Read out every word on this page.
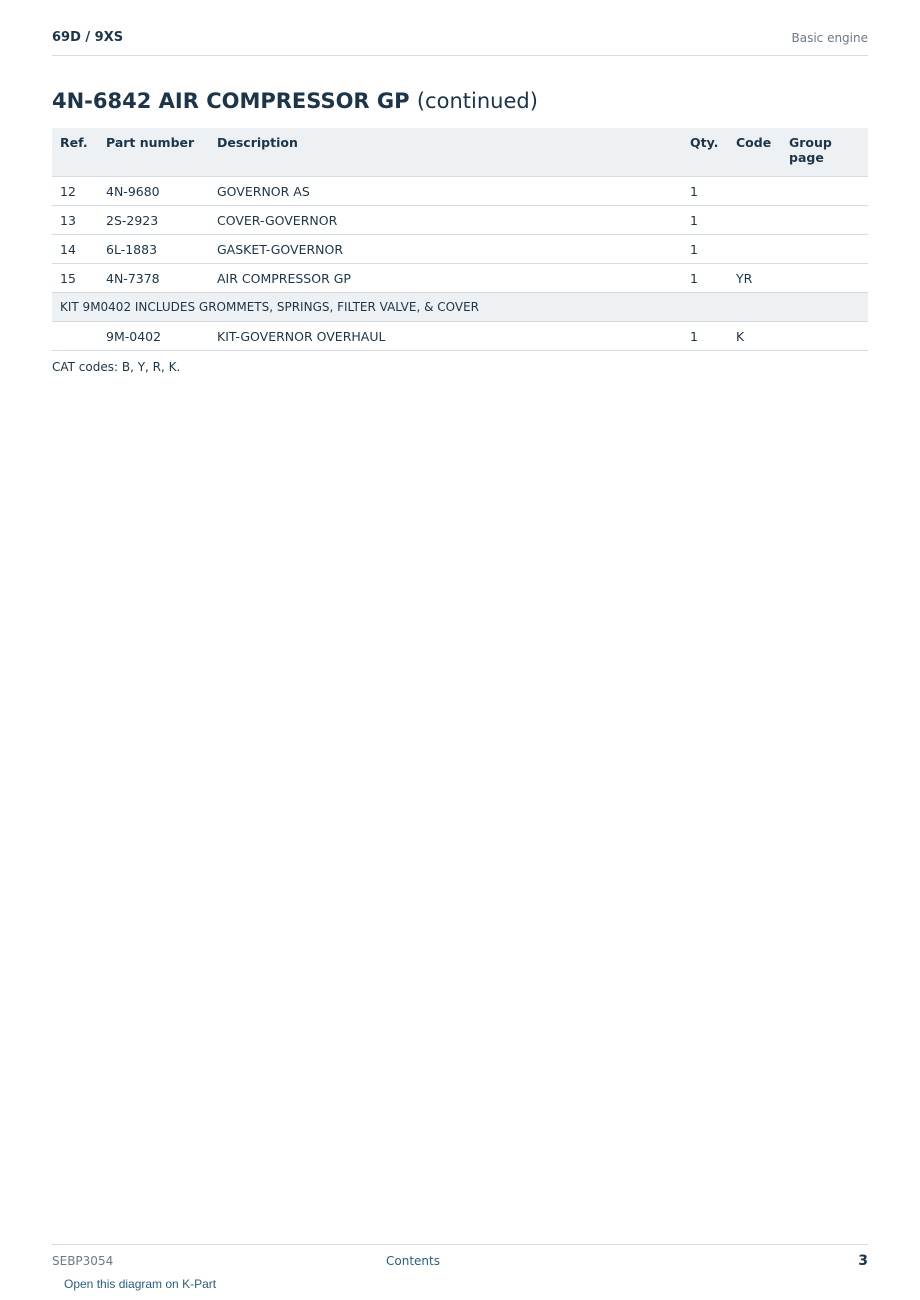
69D / 9XS	Basic engine
4N-6842 AIR COMPRESSOR GP (continued)
Ref.	Part number	Description	Qty.	Code	Group page
12	4N-9680	GOVERNOR AS	1		
13	2S-2923	COVER-GOVERNOR	1		
14	6L-1883	GASKET-GOVERNOR	1		
15	4N-7378	AIR COMPRESSOR GP	1	YR	
KIT 9M0402 INCLUDES GROMMETS, SPRINGS, FILTER VALVE, & COVER					
	9M-0402	KIT-GOVERNOR OVERHAUL	1	K	
CAT codes: B, Y, R, K.
SEBP3054	Contents	3
Open this diagram on K-Part
